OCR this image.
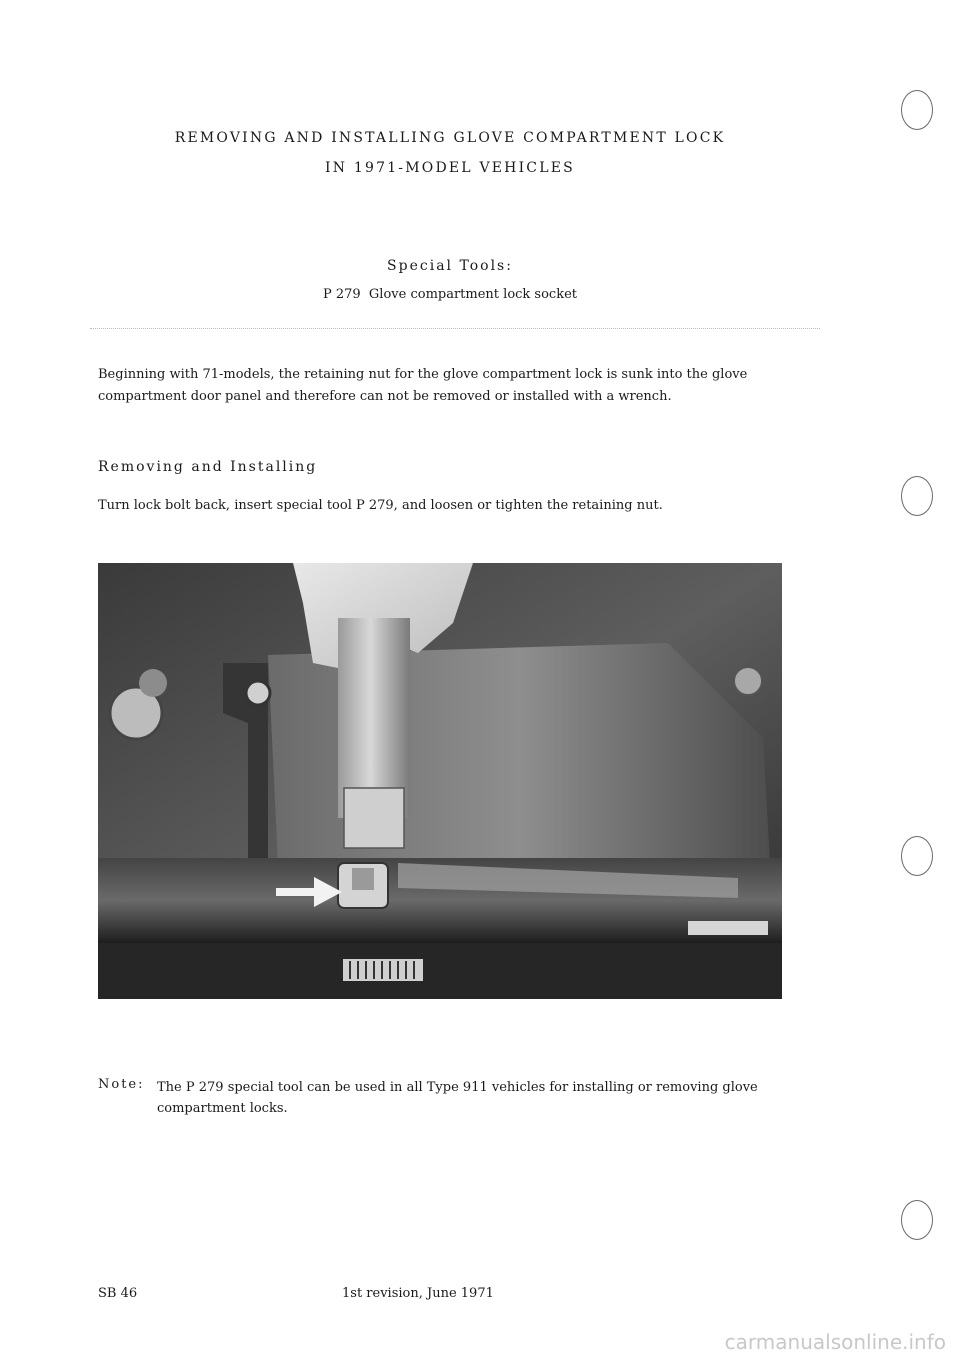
REMOVING AND INSTALLING GLOVE COMPARTMENT LOCK
IN 1971-MODEL VEHICLES
Special Tools:
P 279  Glove compartment lock socket
Beginning with 71-models, the retaining nut for the glove compartment lock is sunk into the glove compartment door panel and therefore can not be removed or installed with a wrench.
Removing and Installing
Turn lock bolt back, insert special tool P 279, and loosen or tighten the retaining nut.
Note: The P 279 special tool can be used in all Type 911 vehicles for installing or removing glove compartment locks.
SB 46	1st revision, June 1971
carmanualsonline.info
